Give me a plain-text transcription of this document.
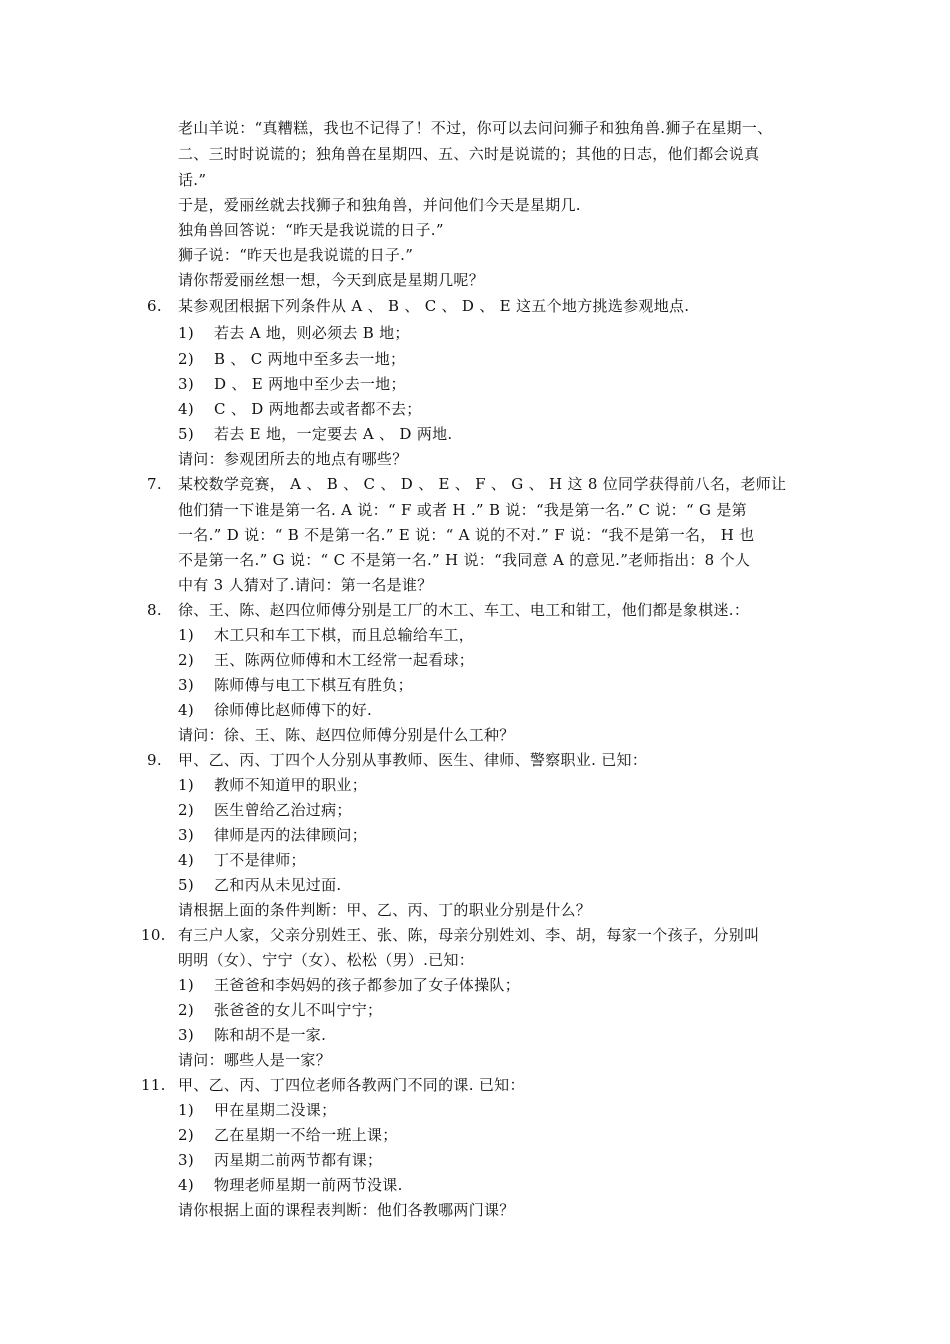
老山羊说：“真糟糕，我也不记得了！不过，你可以去问问狮子和独角兽.狮子在星期一、
二、三时时说谎的；独角兽在星期四、五、六时是说谎的；其他的日志，他们都会说真
话.”
于是，爱丽丝就去找狮子和独角兽，并问他们今天是星期几.
独角兽回答说：“昨天是我说谎的日子.”
狮子说：“昨天也是我说谎的日子.”
请你帮爱丽丝想一想，今天到底是星期几呢？
6. 某参观团根据下列条件从 A 、 B 、 C 、 D 、 E 这五个地方挑选参观地点.
1) 若去 A 地，则必须去 B 地；
2) B 、 C 两地中至多去一地；
3) D 、 E 两地中至少去一地；
4) C 、 D 两地都去或者都不去；
5) 若去 E 地，一定要去 A 、 D 两地.
请问：参观团所去的地点有哪些？
7. 某校数学竞赛， A 、 B 、 C 、 D 、 E 、 F 、 G 、 H 这 8 位同学获得前八名，老师让
他们猜一下谁是第一名. A 说：“ F 或者 H .” B 说：“我是第一名.” C 说：“ G 是第
一名.” D 说：“ B 不是第一名.” E 说：“ A 说的不对.” F 说：“我不是第一名， H 也
不是第一名.” G 说：“ C 不是第一名.” H 说：“我同意 A 的意见.”老师指出：8 个人
中有 3 人猜对了.请问：第一名是谁？
8. 徐、王、陈、赵四位师傅分别是工厂的木工、车工、电工和钳工，他们都是象棋迷.：
1) 木工只和车工下棋，而且总输给车工，
2) 王、陈两位师傅和木工经常一起看球；
3) 陈师傅与电工下棋互有胜负；
4) 徐师傅比赵师傅下的好.
请问：徐、王、陈、赵四位师傅分别是什么工种？
9. 甲、乙、丙、丁四个人分别从事教师、医生、律师、警察职业. 已知：
1) 教师不知道甲的职业；
2) 医生曾给乙治过病；
3) 律师是丙的法律顾问；
4) 丁不是律师；
5) 乙和丙从未见过面.
请根据上面的条件判断：甲、乙、丙、丁的职业分别是什么？
10. 有三户人家，父亲分别姓王、张、陈，母亲分别姓刘、李、胡，每家一个孩子，分别叫
明明（女）、宁宁（女）、松松（男）.已知：
1) 王爸爸和李妈妈的孩子都参加了女子体操队；
2) 张爸爸的女儿不叫宁宁；
3) 陈和胡不是一家.
请问：哪些人是一家？
11. 甲、乙、丙、丁四位老师各教两门不同的课. 已知：
1) 甲在星期二没课；
2) 乙在星期一不给一班上课；
3) 丙星期二前两节都有课；
4) 物理老师星期一前两节没课.
请你根据上面的课程表判断：他们各教哪两门课？
